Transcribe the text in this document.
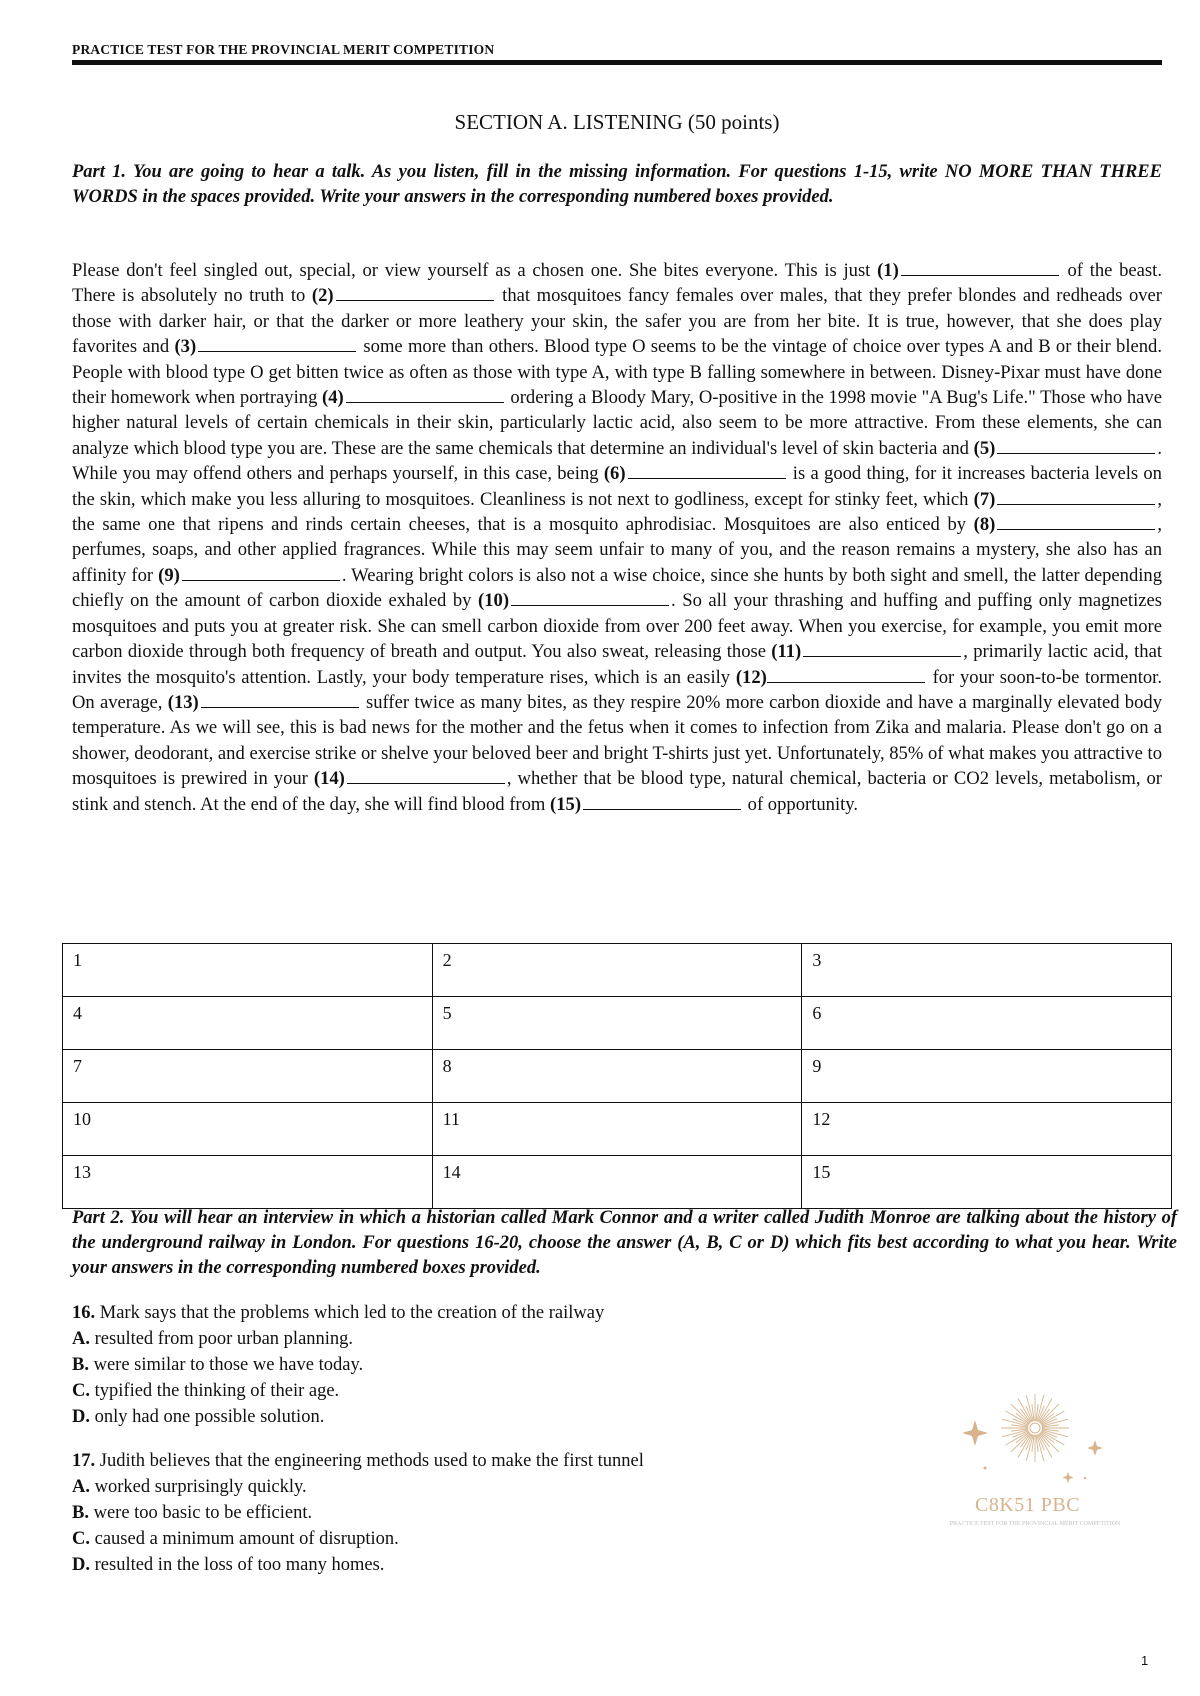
PRACTICE TEST FOR THE PROVINCIAL MERIT COMPETITION
SECTION A. LISTENING (50 points)
Part 1. You are going to hear a talk. As you listen, fill in the missing information. For questions 1-15, write NO MORE THAN THREE WORDS in the spaces provided. Write your answers in the corresponding numbered boxes provided.
Please don't feel singled out, special, or view yourself as a chosen one. She bites everyone. This is just (1)	of the beast. There is absolutely no truth to (2)	that mosquitoes fancy females over males, that they prefer blondes and redheads over those with darker hair, or that the darker or more leathery your skin, the safer you are from her bite. It is true, however, that she does play favorites and (3)	some more than others. Blood type O seems to be the vintage of choice over types A and B or their blend. People with blood type O get bitten twice as often as those with type A, with type B falling somewhere in between. Disney-Pixar must have done their homework when portraying (4)	ordering a Bloody Mary, O-positive in the 1998 movie "A Bug's Life." Those who have higher natural levels of certain chemicals in their skin, particularly lactic acid, also seem to be more attractive. From these elements, she can analyze which blood type you are. These are the same chemicals that determine an individual's level of skin bacteria and (5)	. While you may offend others and perhaps yourself, in this case, being (6)	is a good thing, for it increases bacteria levels on the skin, which make you less alluring to mosquitoes. Cleanliness is not next to godliness, except for stinky feet, which (7)	, the same one that ripens and rinds certain cheeses, that is a mosquito aphrodisiac. Mosquitoes are also enticed by (8)	, perfumes, soaps, and other applied fragrances. While this may seem unfair to many of you, and the reason remains a mystery, she also has an affinity for (9)	. Wearing bright colors is also not a wise choice, since she hunts by both sight and smell, the latter depending chiefly on the amount of carbon dioxide exhaled by (10)	. So all your thrashing and huffing and puffing only magnetizes mosquitoes and puts you at greater risk. She can smell carbon dioxide from over 200 feet away. When you exercise, for example, you emit more carbon dioxide through both frequency of breath and output. You also sweat, releasing those (11)	, primarily lactic acid, that invites the mosquito's attention. Lastly, your body temperature rises, which is an easily (12)	for your soon-to-be tormentor. On average, (13)	suffer twice as many bites, as they respire 20% more carbon dioxide and have a marginally elevated body temperature. As we will see, this is bad news for the mother and the fetus when it comes to infection from Zika and malaria. Please don't go on a shower, deodorant, and exercise strike or shelve your beloved beer and bright T-shirts just yet. Unfortunately, 85% of what makes you attractive to mosquitoes is prewired in your (14)	, whether that be blood type, natural chemical, bacteria or CO2 levels, metabolism, or stink and stench. At the end of the day, she will find blood from (15)	of opportunity.
1	2	3
4	5	6
7	8	9
10	11	12
13	14	15
Part 2. You will hear an interview in which a historian called Mark Connor and a writer called Judith Monroe are talking about the history of the underground railway in London. For questions 16-20, choose the answer (A, B, C or D) which fits best according to what you hear. Write your answers in the corresponding numbered boxes provided.
16. Mark says that the problems which led to the creation of the railway
A. resulted from poor urban planning.
B. were similar to those we have today.
C. typified the thinking of their age.
D. only had one possible solution.
17. Judith believes that the engineering methods used to make the first tunnel
A. worked surprisingly quickly.
B. were too basic to be efficient.
C. caused a minimum amount of disruption.
D. resulted in the loss of too many homes.
C8K51 PBC
PRACTICE TEST FOR THE PROVINCIAL MERIT COMPETITION
1
